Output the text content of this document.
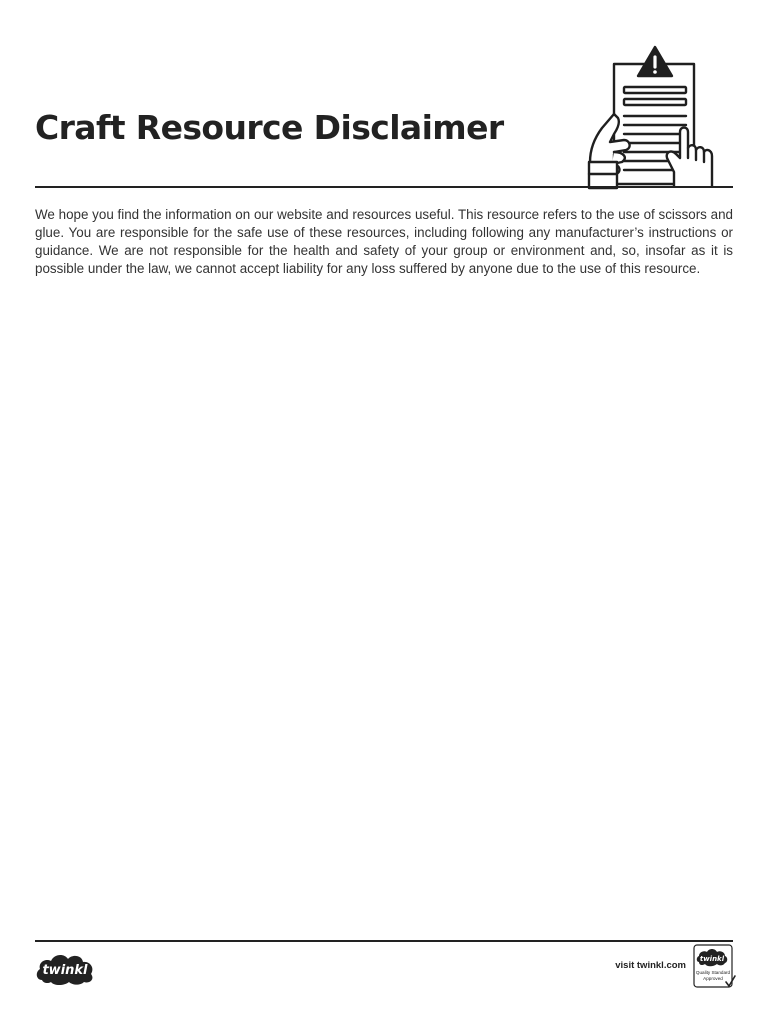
Craft Resource Disclaimer

We hope you find the information on our website and resources useful. This resource refers to the use of scissors and glue. You are responsible for the safe use of these resources, including following any manufacturer’s instructions or guidance. We are not responsible for the health and safety of your group or environment and, so, insofar as it is possible under the law, we cannot accept liability for any loss suffered by anyone due to the use of this resource.

twinkl	visit twinkl.com
twinkl
Quality Standard
Approved
